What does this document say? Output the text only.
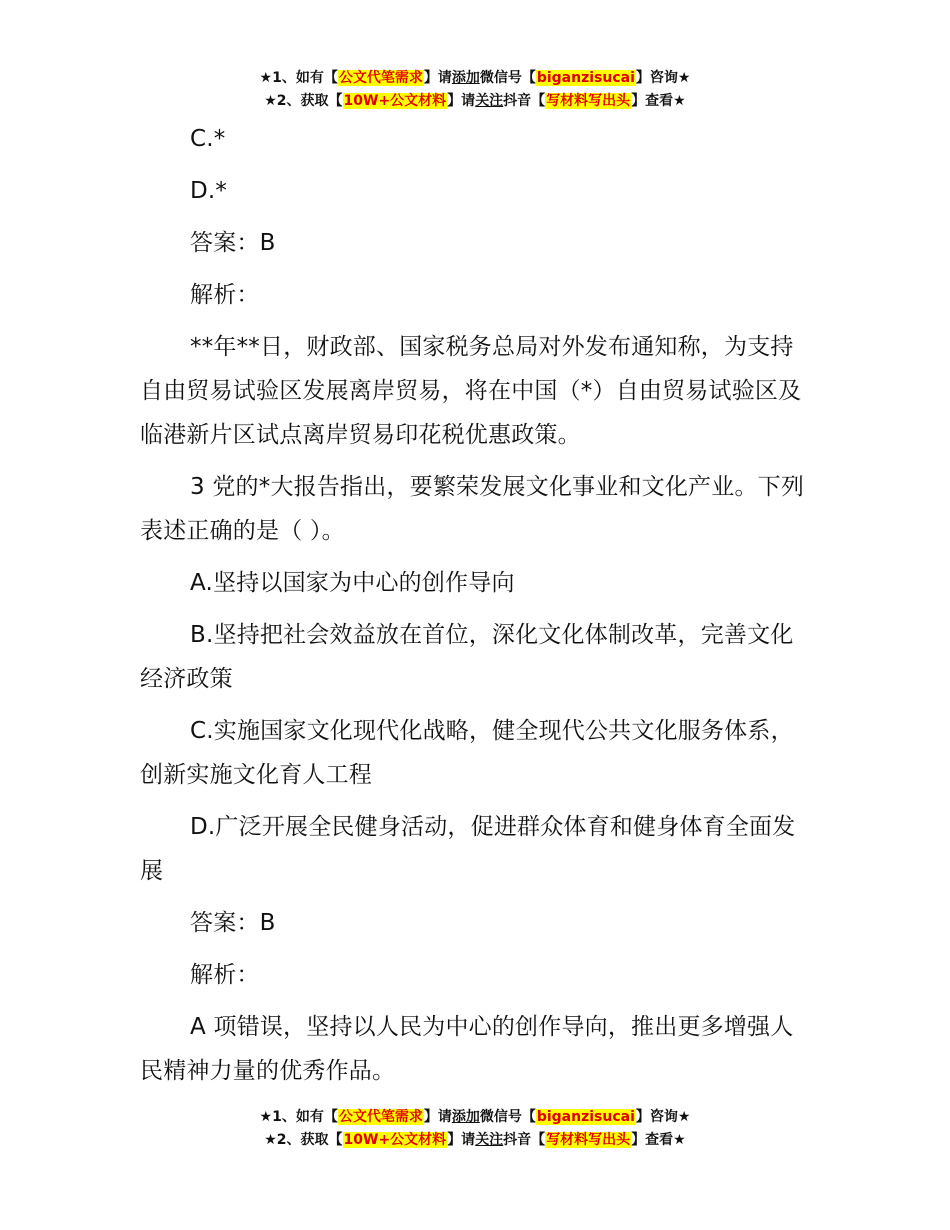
★1、如有【公文代笔需求】请添加微信号【biganzisucai】咨询★
★2、获取【10W+公文材料】请关注抖音【写材料写出头】查看★

C.*

D.*

答案：B

解析：

**年**日，财政部、国家税务总局对外发布通知称，为支持自由贸易试验区发展离岸贸易，将在中国（*）自由贸易试验区及临港新片区试点离岸贸易印花税优惠政策。

3 党的*大报告指出，要繁荣发展文化事业和文化产业。下列表述正确的是（ ）。

A.坚持以国家为中心的创作导向

B.坚持把社会效益放在首位，深化文化体制改革，完善文化经济政策

C.实施国家文化现代化战略，健全现代公共文化服务体系，创新实施文化育人工程

D.广泛开展全民健身活动，促进群众体育和健身体育全面发展

答案：B

解析：

A 项错误，坚持以人民为中心的创作导向，推出更多增强人民精神力量的优秀作品。

★1、如有【公文代笔需求】请添加微信号【biganzisucai】咨询★
★2、获取【10W+公文材料】请关注抖音【写材料写出头】查看★
